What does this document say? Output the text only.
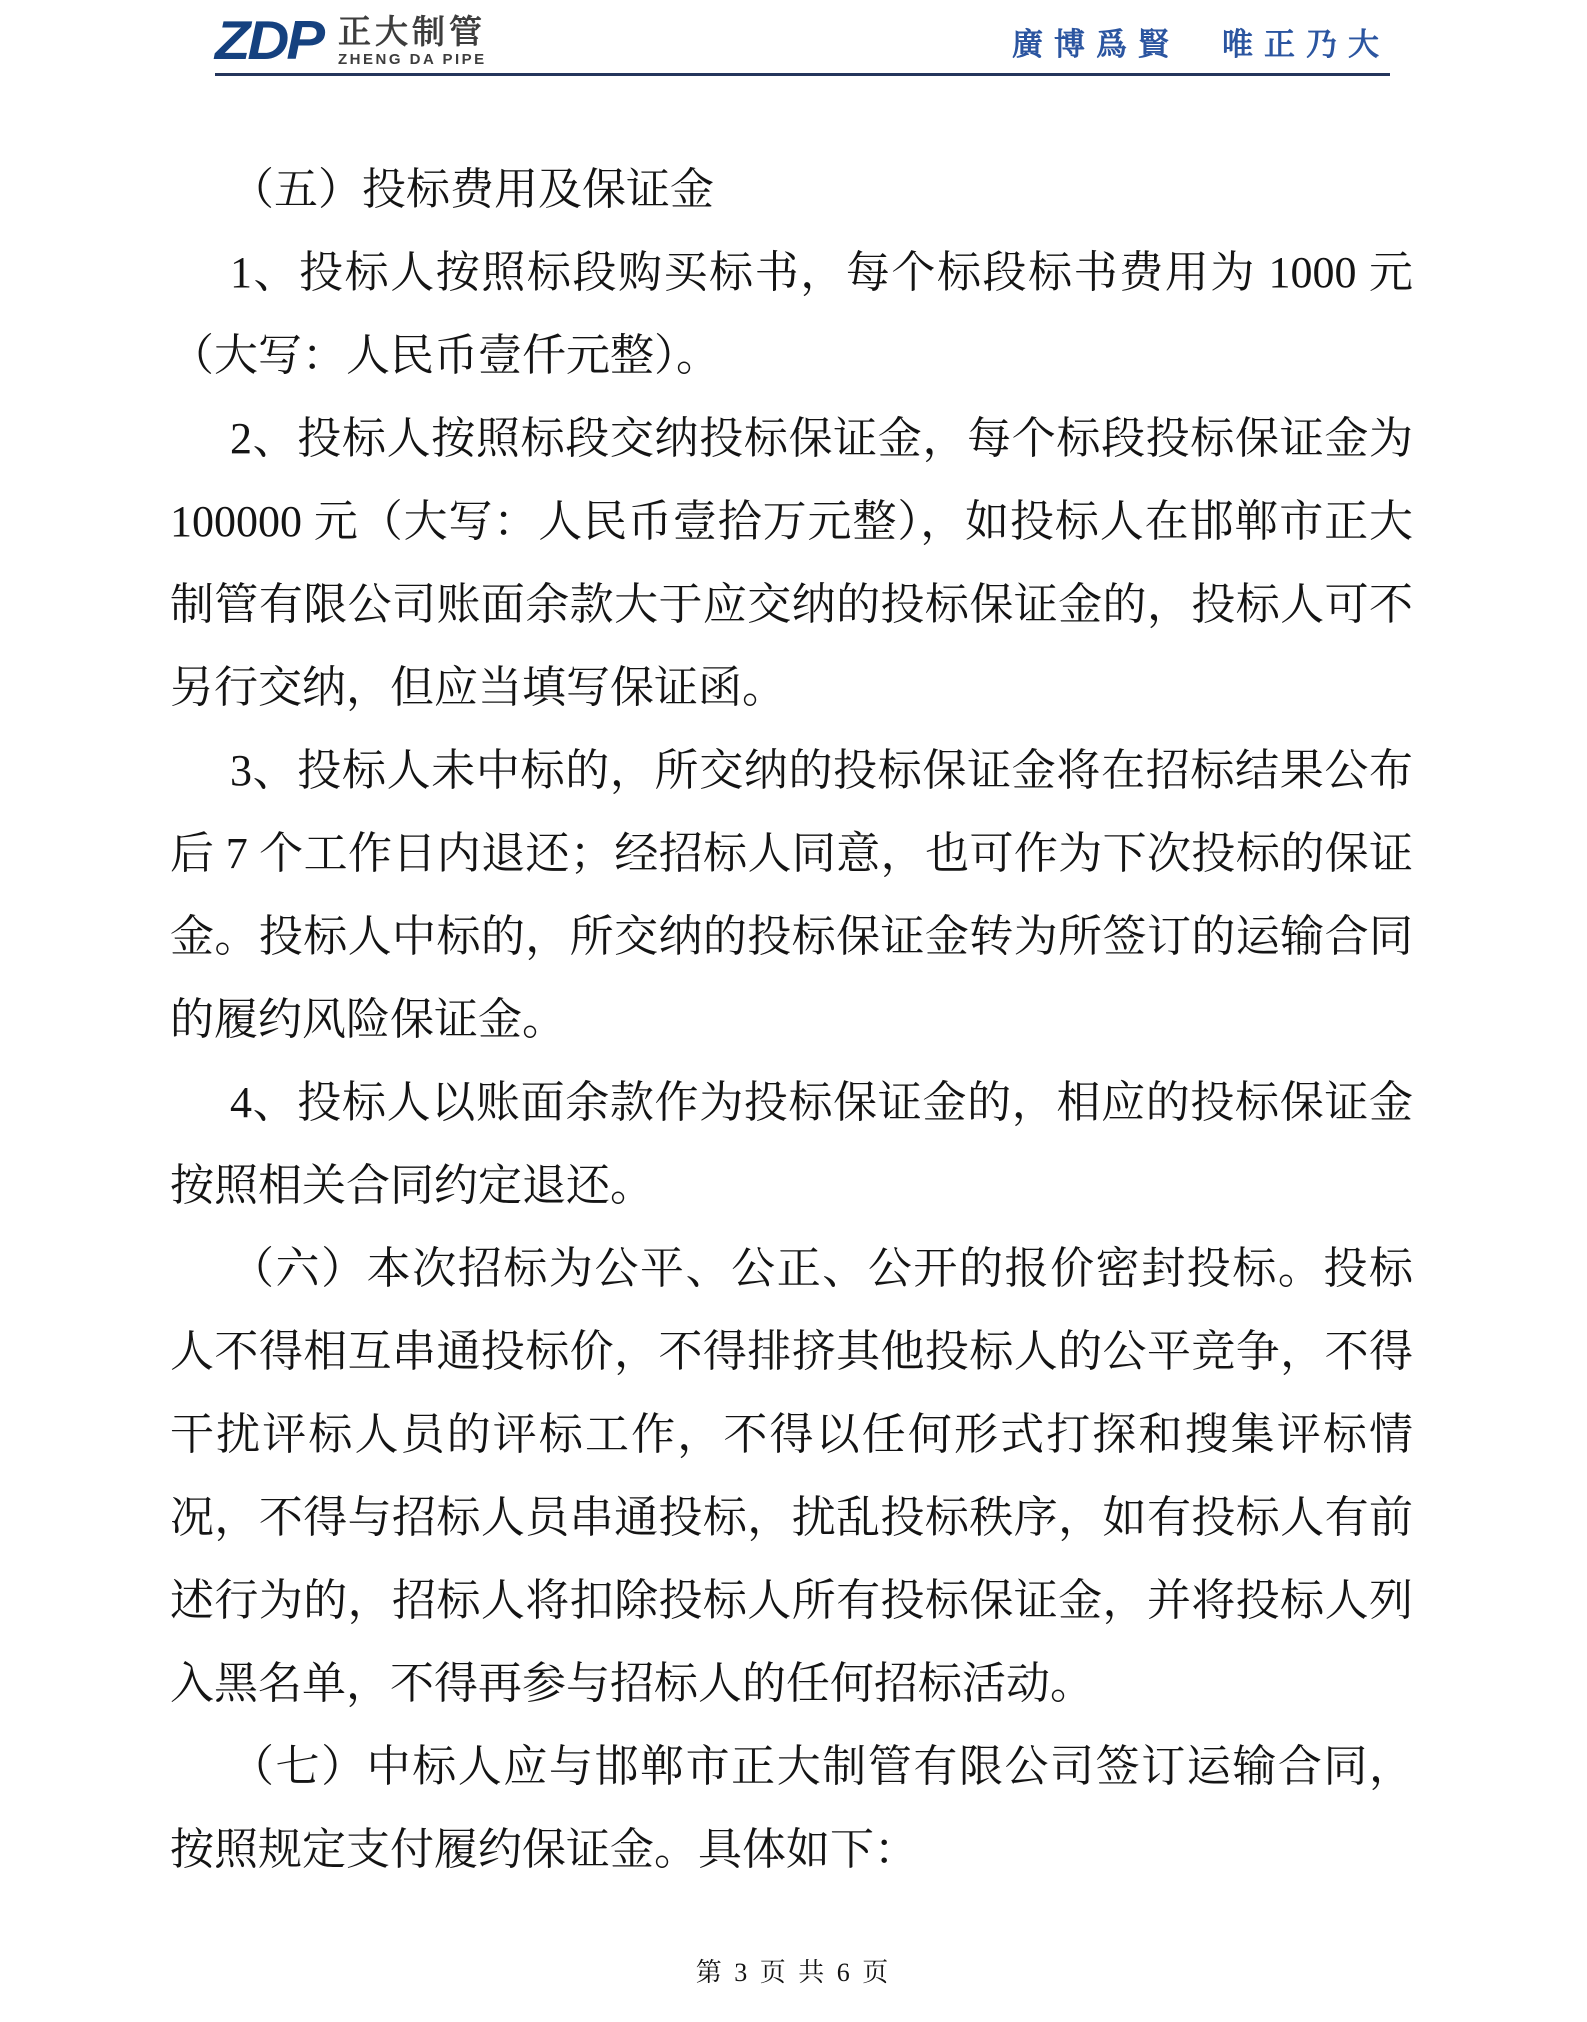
ZDP 正大制管
ZHENG DA PIPE	廣博爲賢　唯正乃大

（五）投标费用及保证金

1、投标人按照标段购买标书，每个标段标书费用为 1000 元（大写：人民币壹仟元整）。

2、投标人按照标段交纳投标保证金，每个标段投标保证金为 100000 元（大写：人民币壹拾万元整），如投标人在邯郸市正大制管有限公司账面余款大于应交纳的投标保证金的，投标人可不另行交纳，但应当填写保证函。

3、投标人未中标的，所交纳的投标保证金将在招标结果公布后 7 个工作日内退还；经招标人同意，也可作为下次投标的保证金。投标人中标的，所交纳的投标保证金转为所签订的运输合同的履约风险保证金。

4、投标人以账面余款作为投标保证金的，相应的投标保证金按照相关合同约定退还。

（六）本次招标为公平、公正、公开的报价密封投标。投标人不得相互串通投标价，不得排挤其他投标人的公平竞争，不得干扰评标人员的评标工作，不得以任何形式打探和搜集评标情况，不得与招标人员串通投标，扰乱投标秩序，如有投标人有前述行为的，招标人将扣除投标人所有投标保证金，并将投标人列入黑名单，不得再参与招标人的任何招标活动。

（七）中标人应与邯郸市正大制管有限公司签订运输合同，按照规定支付履约保证金。具体如下：

第 3 页 共 6 页
